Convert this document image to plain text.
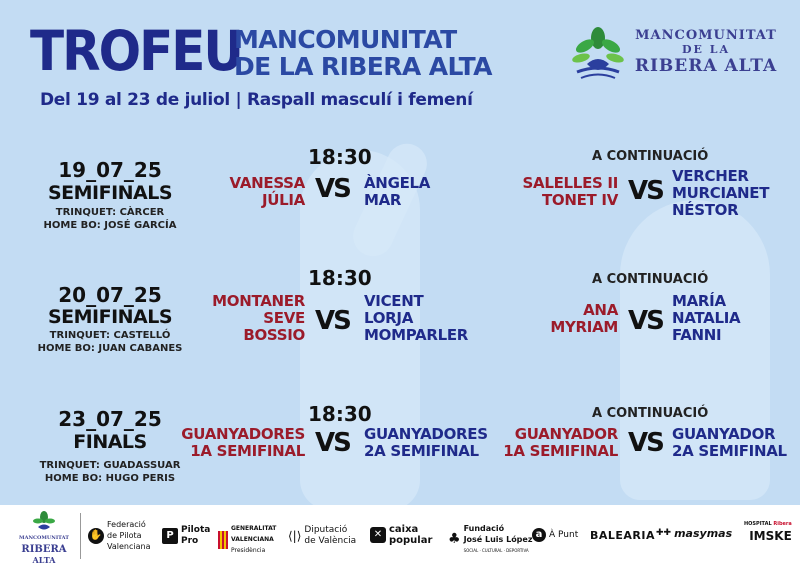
TROFEU
MANCOMUNITAT
DE LA RIBERA ALTA
Del 19 al 23 de juliol | Raspall masculí i femení
MANCOMUNITAT
DE LA
RIBERA ALTA
19_07_25
SEMIFINALS
TRINQUET: CÀRCER
HOME BO: JOSÉ GARCÍA
18:30
VANESSA
JÚLIA VS ÀNGELA
MAR
A CONTINUACIÓ
SALELLES II
TONET IV VS VERCHER
MURCIANET
NÉSTOR
20_07_25
SEMIFINALS
TRINQUET: CASTELLÓ
HOME BO: JUAN CABANES
18:30
MONTANER
SEVE
BOSSIO VS
VICENT
LORJA
MOMPARLER
A CONTINUACIÓ
ANA
MYRIAM VS
MARÍA
NATALIA
FANNI
23_07_25
FINALS
TRINQUET: GUADASSUAR
HOME BO: HUGO PERIS
18:30
GUANYADORES
1A SEMIFINAL VS GUANYADORES
2A SEMIFINAL
A CONTINUACIÓ
GUANYADOR
1A SEMIFINAL VS GUANYADOR
2A SEMIFINAL
MANCOMUNITAT
RIBERA
ALTA
✋
Federació
de Pilota
Valenciana
P Pilota
Pro
GENERALITAT
VALENCIANA
Presidència
⟨|⟩ Diputació
de València
✕ caixa
popular ♣
Fundació
José Luis López
SOCIAL · CULTURAL · DEPORTIVA
a À Punt BALEARIA ✚✚ masymas
HOSPITAL Ribera
IMSKE
